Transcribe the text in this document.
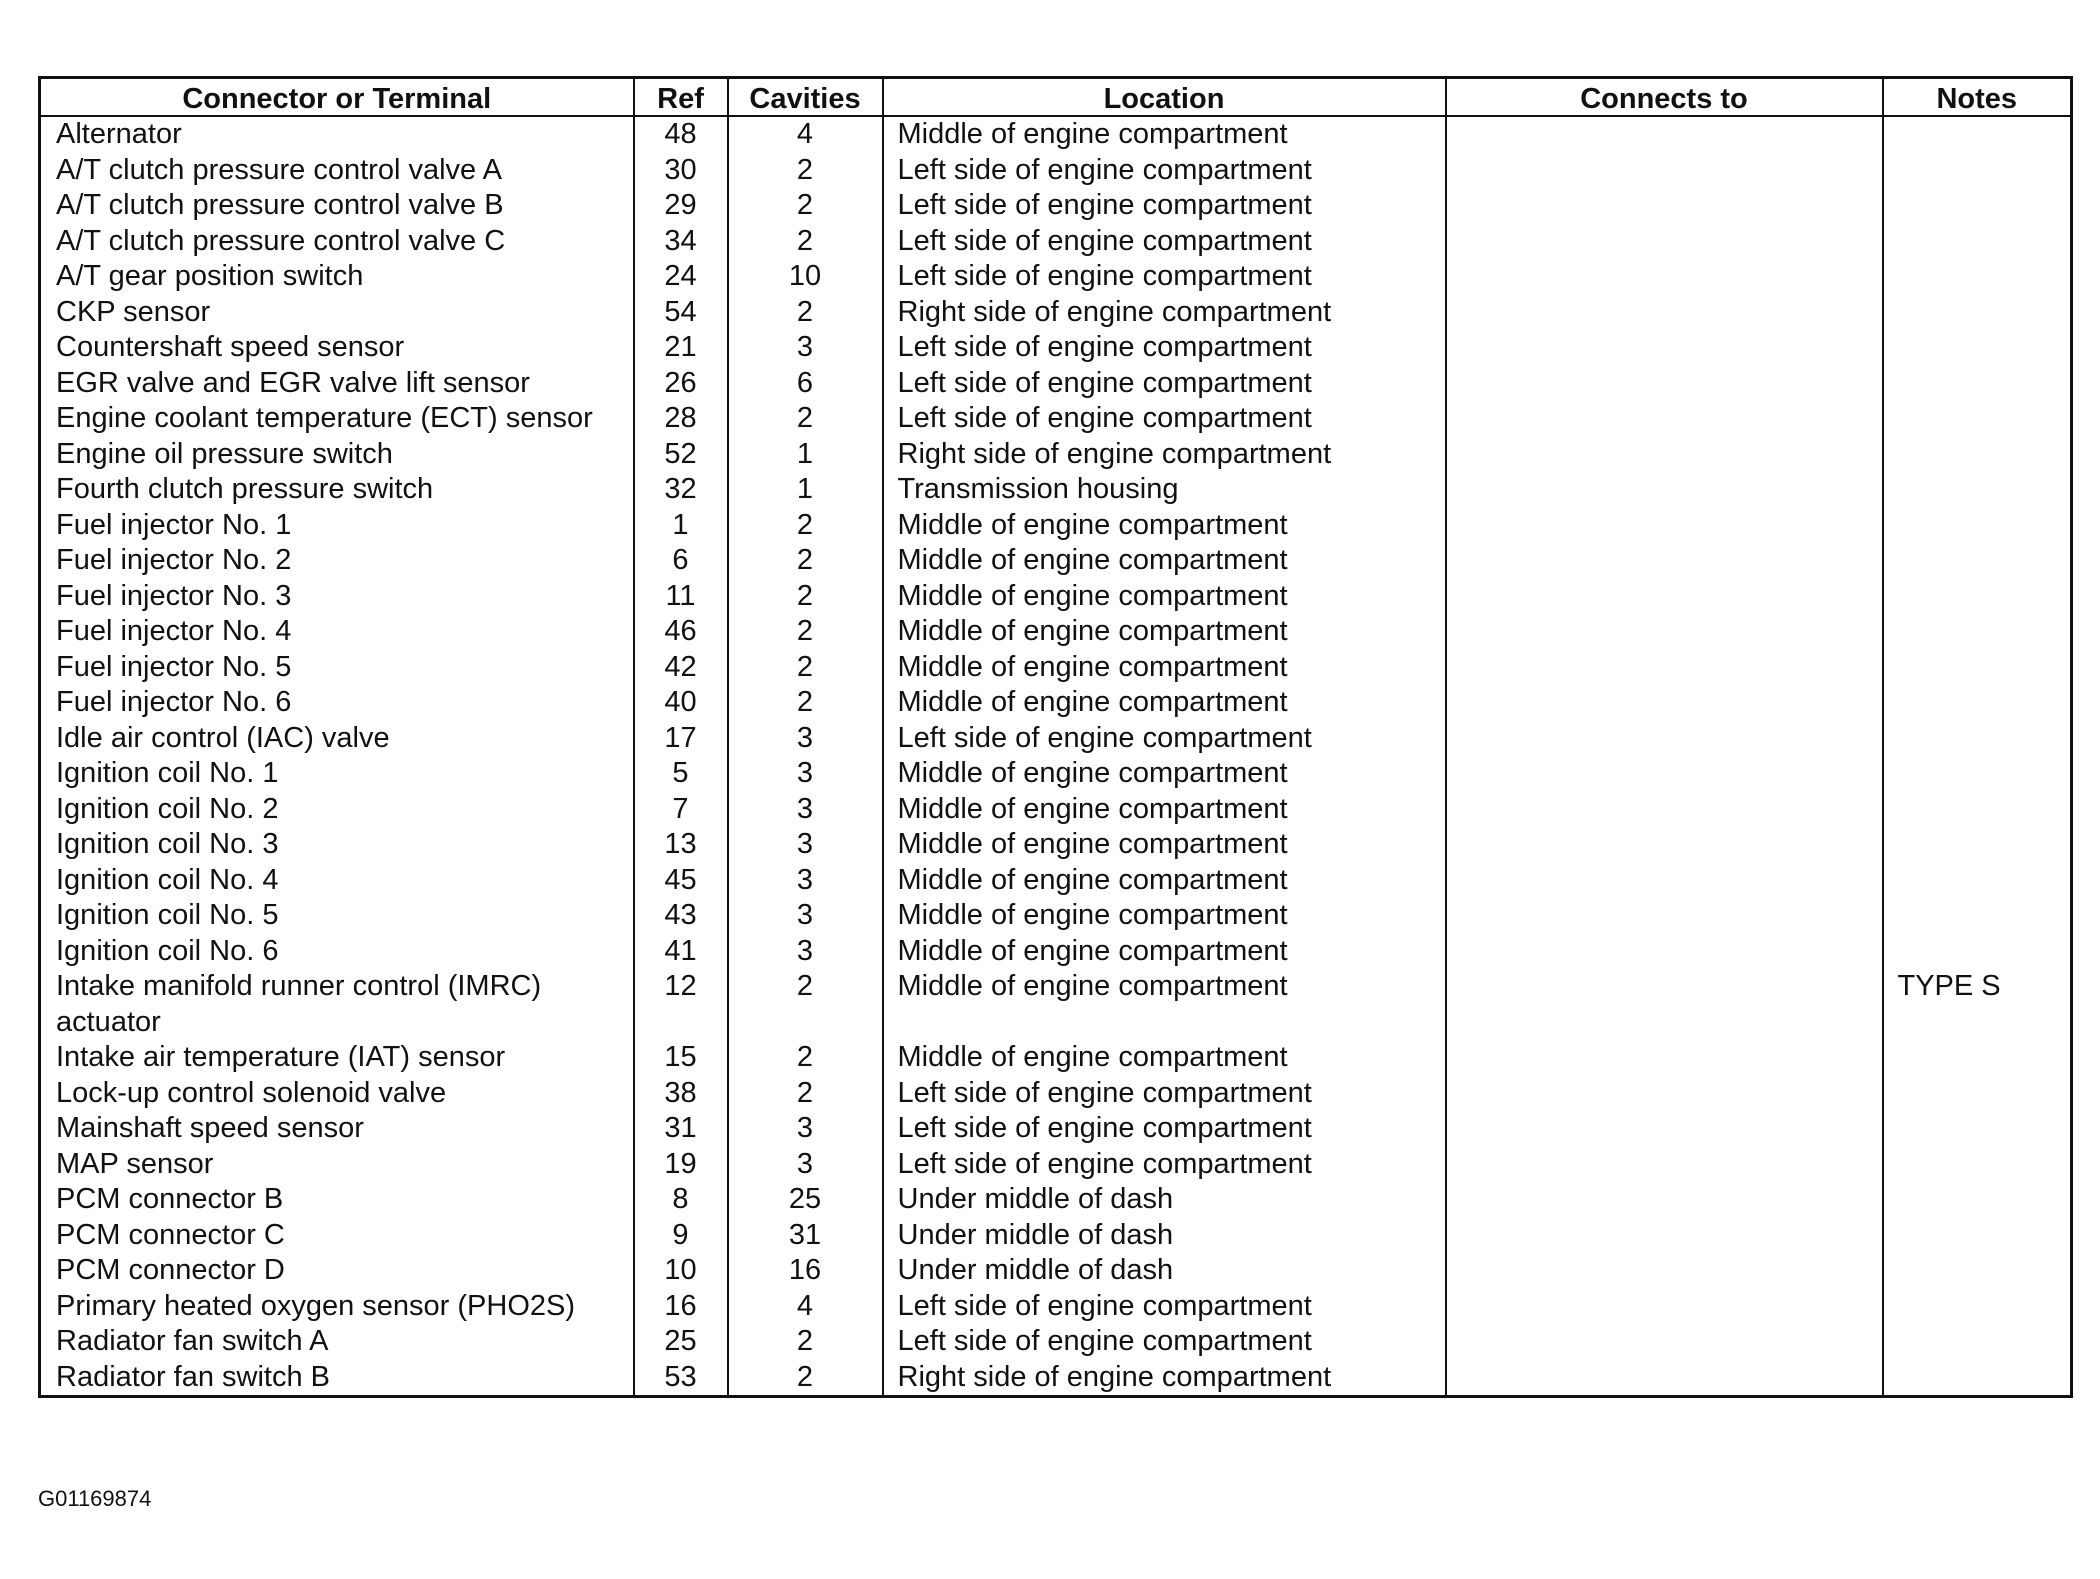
Connector or Terminal	Ref	Cavities	Location	Connects to	Notes
Alternator	48	4	Middle of engine compartment		
A/T clutch pressure control valve A	30	2	Left side of engine compartment		
A/T clutch pressure control valve B	29	2	Left side of engine compartment		
A/T clutch pressure control valve C	34	2	Left side of engine compartment		
A/T gear position switch	24	10	Left side of engine compartment		
CKP sensor	54	2	Right side of engine compartment		
Countershaft speed sensor	21	3	Left side of engine compartment		
EGR valve and EGR valve lift sensor	26	6	Left side of engine compartment		
Engine coolant temperature (ECT) sensor	28	2	Left side of engine compartment		
Engine oil pressure switch	52	1	Right side of engine compartment		
Fourth clutch pressure switch	32	1	Transmission housing		
Fuel injector No. 1	1	2	Middle of engine compartment		
Fuel injector No. 2	6	2	Middle of engine compartment		
Fuel injector No. 3	11	2	Middle of engine compartment		
Fuel injector No. 4	46	2	Middle of engine compartment		
Fuel injector No. 5	42	2	Middle of engine compartment		
Fuel injector No. 6	40	2	Middle of engine compartment		
Idle air control (IAC) valve	17	3	Left side of engine compartment		
Ignition coil No. 1	5	3	Middle of engine compartment		
Ignition coil No. 2	7	3	Middle of engine compartment		
Ignition coil No. 3	13	3	Middle of engine compartment		
Ignition coil No. 4	45	3	Middle of engine compartment		
Ignition coil No. 5	43	3	Middle of engine compartment		
Ignition coil No. 6	41	3	Middle of engine compartment		
Intake manifold runner control (IMRC) actuator	12	2	Middle of engine compartment		TYPE S
Intake air temperature (IAT) sensor	15	2	Middle of engine compartment		
Lock-up control solenoid valve	38	2	Left side of engine compartment		
Mainshaft speed sensor	31	3	Left side of engine compartment		
MAP sensor	19	3	Left side of engine compartment		
PCM connector B	8	25	Under middle of dash		
PCM connector C	9	31	Under middle of dash		
PCM connector D	10	16	Under middle of dash		
Primary heated oxygen sensor (PHO2S)	16	4	Left side of engine compartment		
Radiator fan switch A	25	2	Left side of engine compartment		
Radiator fan switch B	53	2	Right side of engine compartment		
G01169874
